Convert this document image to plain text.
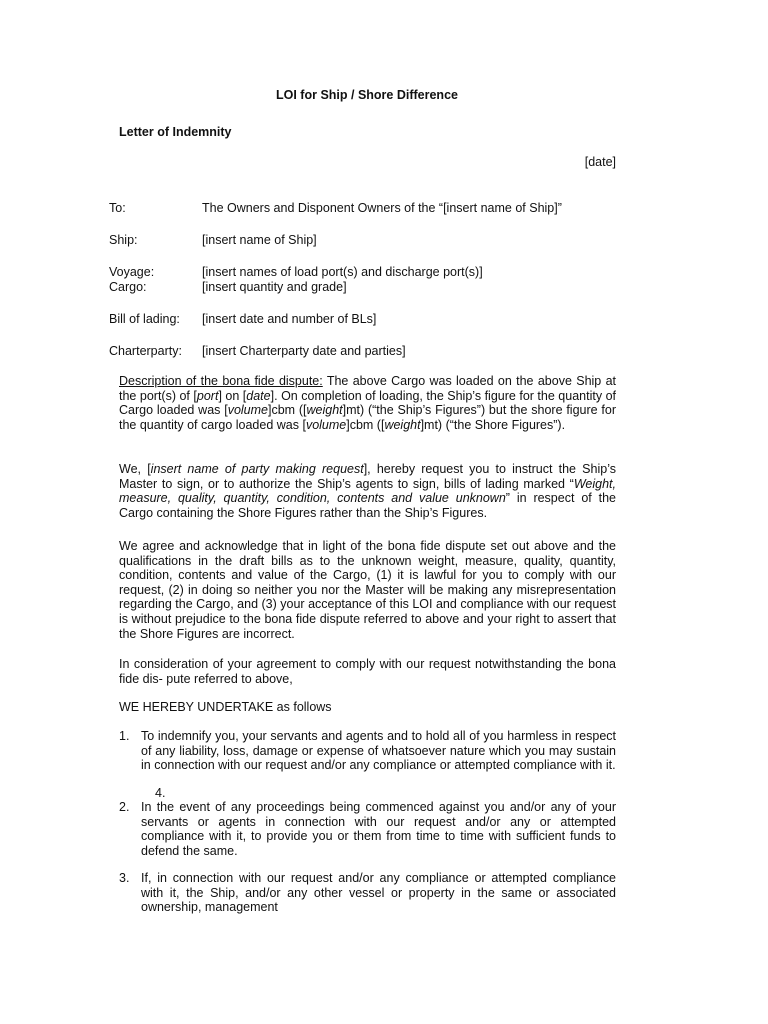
LOI for Ship / Shore Difference
Letter of Indemnity
[date]
To:	The Owners and Disponent Owners of the “[insert name of Ship]”
Ship:	[insert name of Ship]
Voyage:	[insert names of load port(s) and discharge port(s)]
Cargo:	[insert quantity and grade]
Bill of lading: [insert date and number of BLs]
Charterparty: [insert Charterparty date and parties]

Description of the bona fide dispute: The above Cargo was loaded on the above Ship at the port(s) of [port] on [date]. On completion of loading, the Ship’s figure for the quantity of Cargo loaded was [volume]cbm ([weight]mt) (“the Ship’s Figures”) but the shore figure for the quantity of cargo loaded was [volume]cbm ([weight]mt) (“the Shore Figures”).

We, [insert name of party making request], hereby request you to instruct the Ship’s Master to sign, or to authorize the Ship’s agents to sign, bills of lading marked “Weight, measure, quality, quantity, condition, contents and value unknown” in respect of the Cargo containing the Shore Figures rather than the Ship’s Figures.

We agree and acknowledge that in light of the bona fide dispute set out above and the qualifications in the draft bills as to the unknown weight, measure, quality, quantity, condition, contents and value of the Cargo, (1) it is lawful for you to comply with our request, (2) in doing so neither you nor the Master will be making any misrepresentation regarding the Cargo, and (3) your acceptance of this LOI and compliance with our request is without prejudice to the bona fide dispute referred to above and your right to assert that the Shore Figures are incorrect.

In consideration of your agreement to comply with our request notwithstanding the bona fide dis- pute referred to above,

WE HEREBY UNDERTAKE as follows

1. To indemnify you, your servants and agents and to hold all of you harmless in respect of any liability, loss, damage or expense of whatsoever nature which you may sustain in connection with our request and/or any compliance or attempted compliance with it.
4.
2. In the event of any proceedings being commenced against you and/or any of your servants or agents in connection with our request and/or any or attempted compliance with it, to provide you or them from time to time with sufficient funds to defend the same.
3. If, in connection with our request and/or any compliance or attempted compliance with it, the Ship, and/or any other vessel or property in the same or associated ownership, management
